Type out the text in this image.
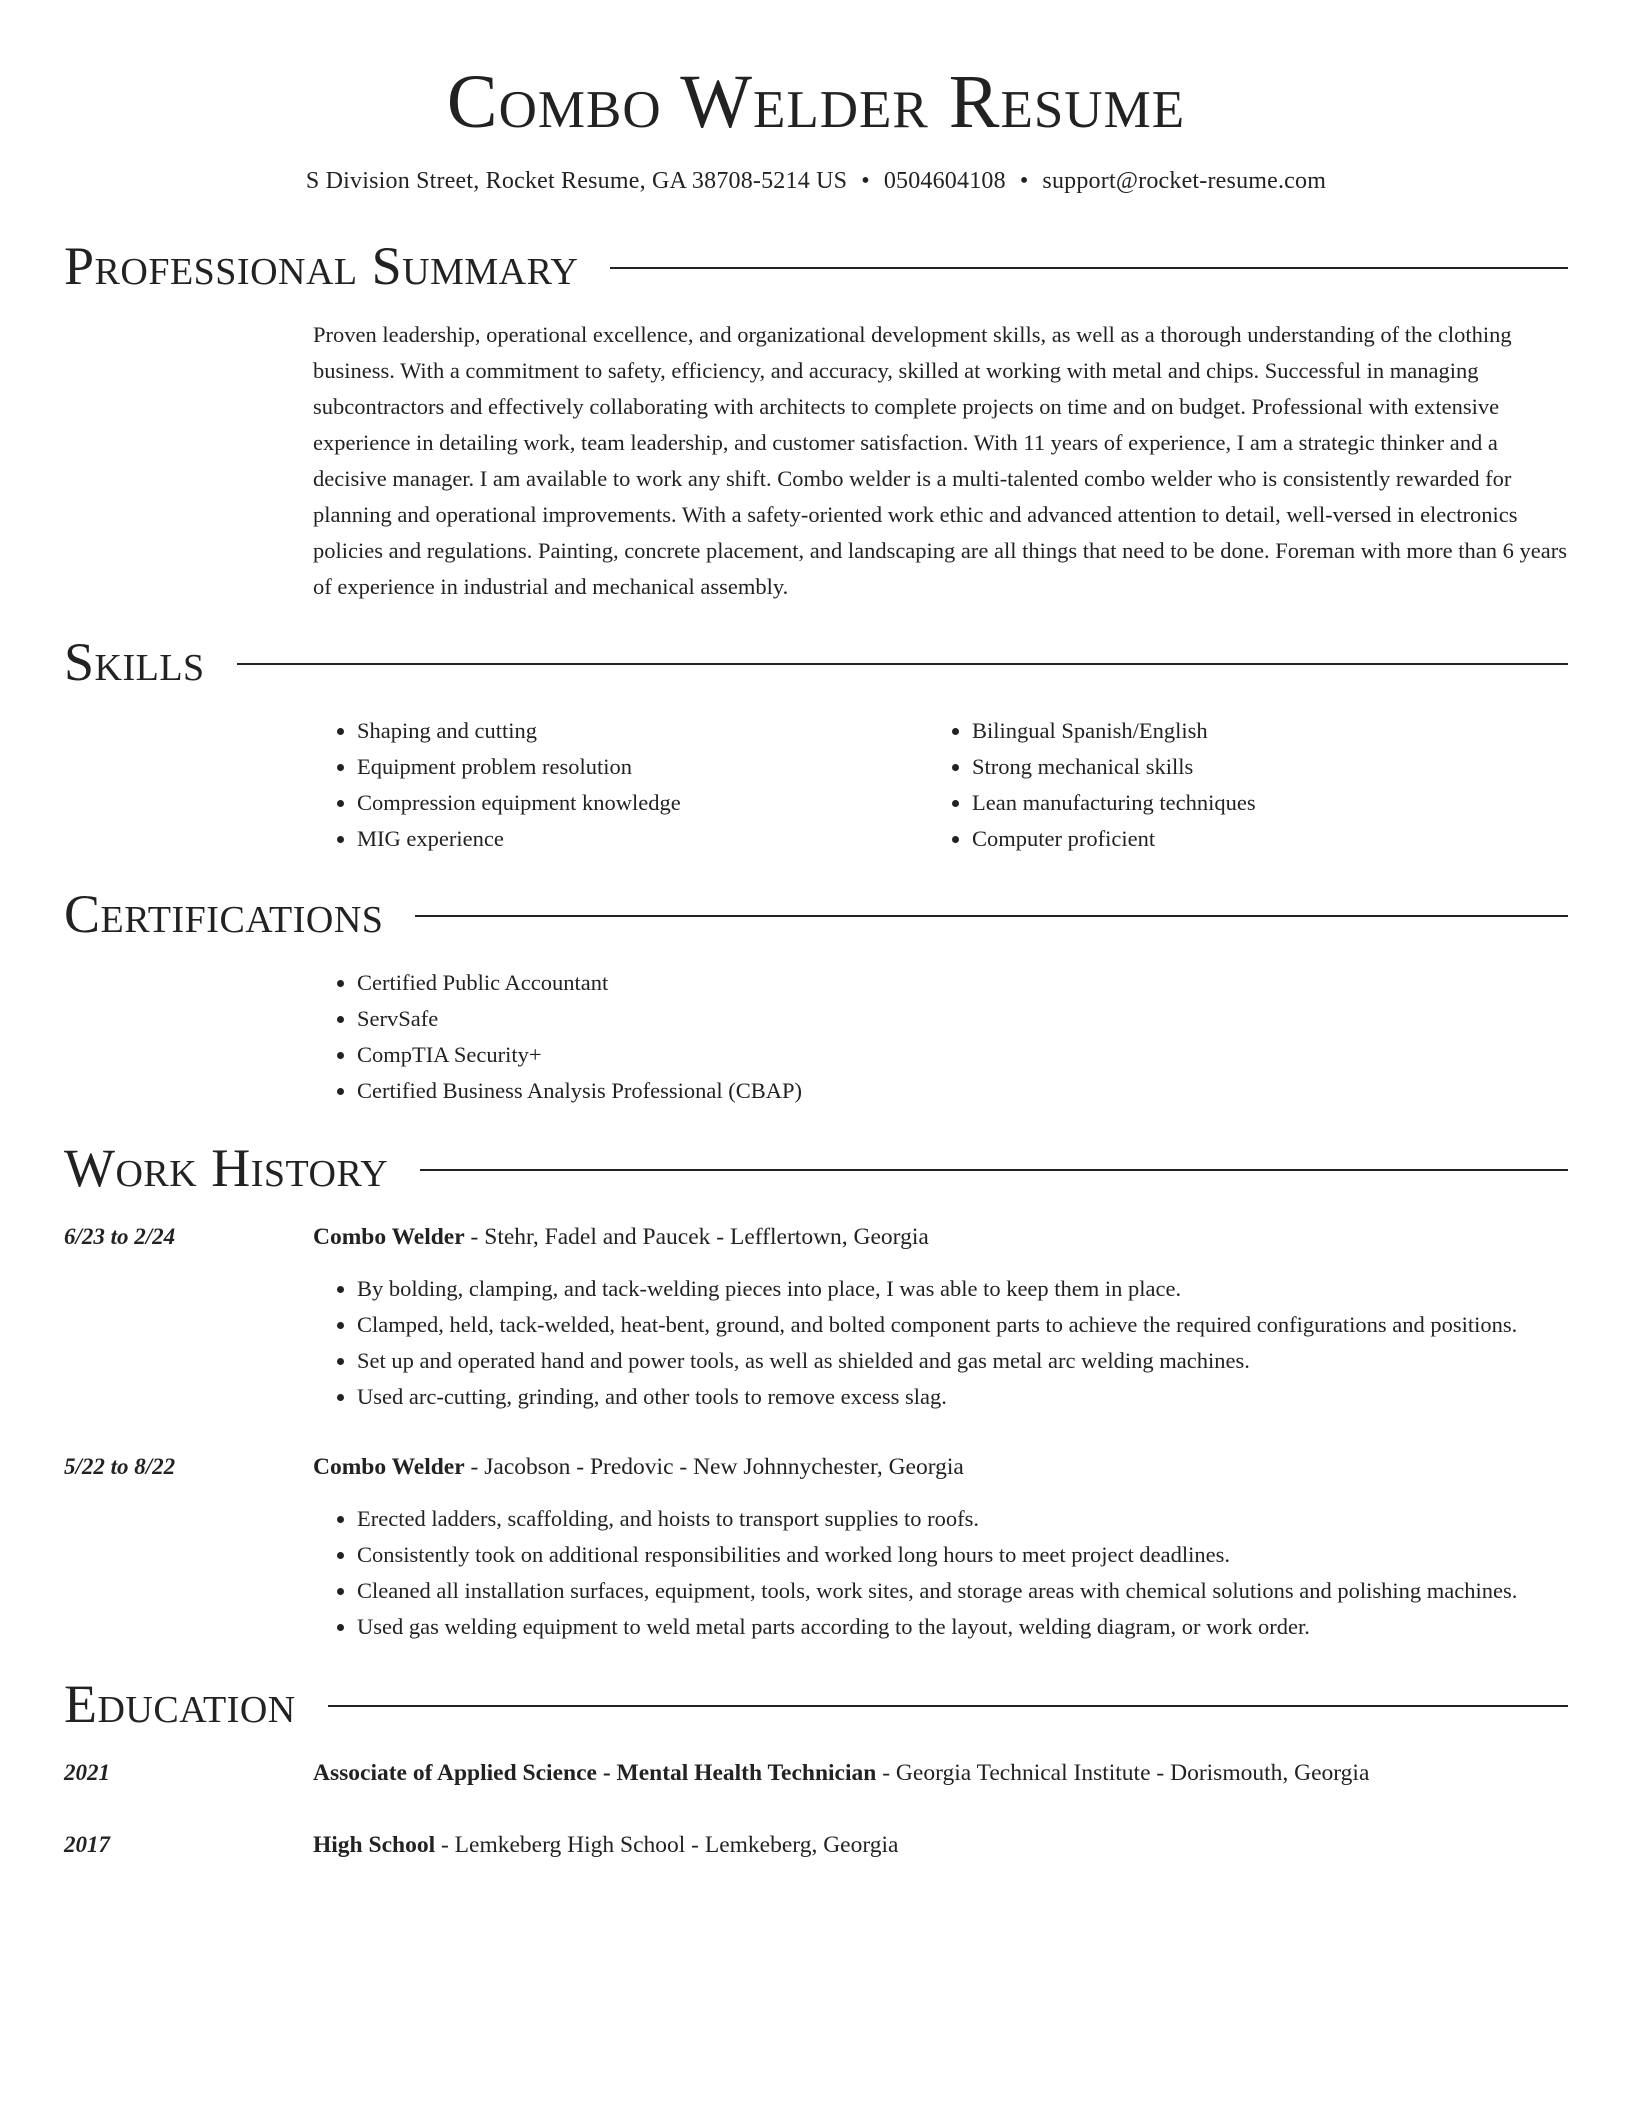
Combo Welder Resume
S Division Street, Rocket Resume, GA 38708-5214 US • 0504604108 • support@rocket-resume.com
Professional Summary
Proven leadership, operational excellence, and organizational development skills, as well as a thorough understanding of the clothing business. With a commitment to safety, efficiency, and accuracy, skilled at working with metal and chips. Successful in managing subcontractors and effectively collaborating with architects to complete projects on time and on budget. Professional with extensive experience in detailing work, team leadership, and customer satisfaction. With 11 years of experience, I am a strategic thinker and a decisive manager. I am available to work any shift. Combo welder is a multi-talented combo welder who is consistently rewarded for planning and operational improvements. With a safety-oriented work ethic and advanced attention to detail, well-versed in electronics policies and regulations. Painting, concrete placement, and landscaping are all things that need to be done. Foreman with more than 6 years of experience in industrial and mechanical assembly.
Skills
• Shaping and cutting
• Equipment problem resolution
• Compression equipment knowledge
• MIG experience
• Bilingual Spanish/English
• Strong mechanical skills
• Lean manufacturing techniques
• Computer proficient
Certifications
• Certified Public Accountant
• ServSafe
• CompTIA Security+
• Certified Business Analysis Professional (CBAP)
Work History
6/23 to 2/24	Combo Welder - Stehr, Fadel and Paucek - Lefflertown, Georgia
• By bolding, clamping, and tack-welding pieces into place, I was able to keep them in place.
• Clamped, held, tack-welded, heat-bent, ground, and bolted component parts to achieve the required configurations and positions.
• Set up and operated hand and power tools, as well as shielded and gas metal arc welding machines.
• Used arc-cutting, grinding, and other tools to remove excess slag.
5/22 to 8/22	Combo Welder - Jacobson - Predovic - New Johnnychester, Georgia
• Erected ladders, scaffolding, and hoists to transport supplies to roofs.
• Consistently took on additional responsibilities and worked long hours to meet project deadlines.
• Cleaned all installation surfaces, equipment, tools, work sites, and storage areas with chemical solutions and polishing machines.
• Used gas welding equipment to weld metal parts according to the layout, welding diagram, or work order.
Education
2021	Associate of Applied Science - Mental Health Technician - Georgia Technical Institute - Dorismouth, Georgia
2017	High School - Lemkeberg High School - Lemkeberg, Georgia
